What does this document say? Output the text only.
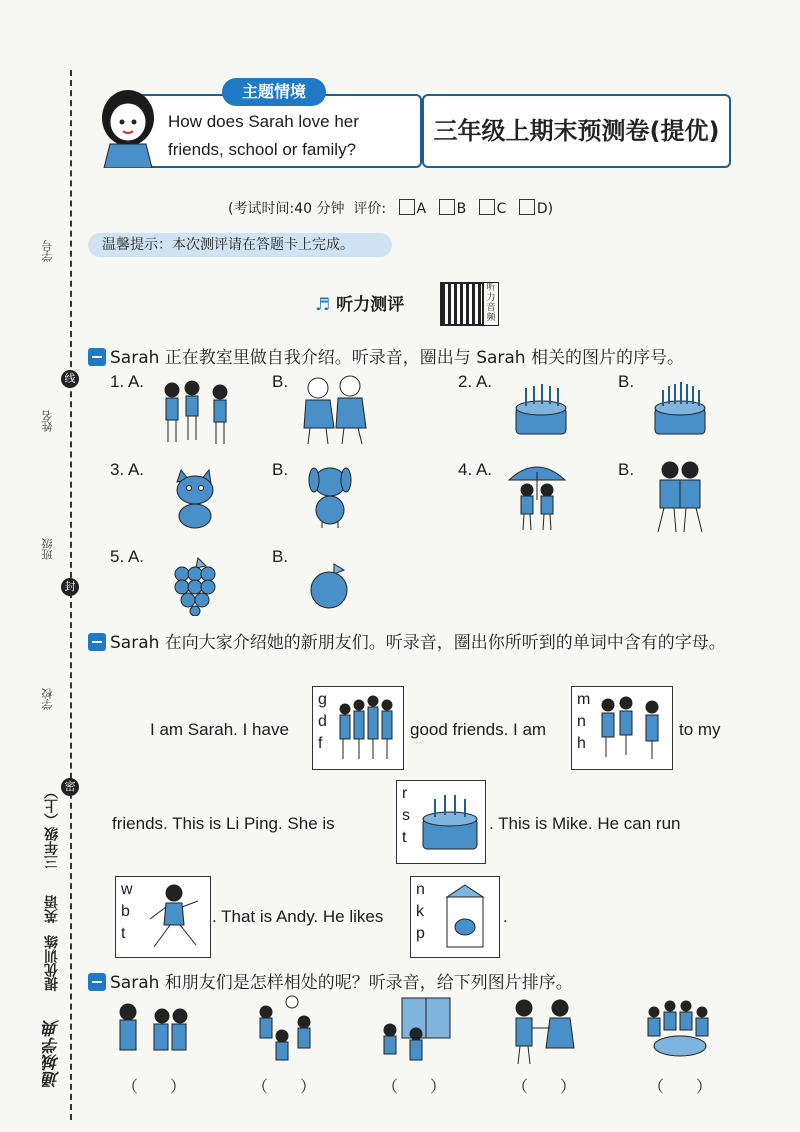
学号
姓名
班级
学校
线
封
密
三年级（上）
英语
提优训练
通城学典
主题情境
How does Sarah love her friends, school or family?
三年级上期末预测卷(提优)
(考试时间:40 分钟 评价: A B C D)
温馨提示：本次测评请在答题卡上完成。
♬ 听力测评
听力音频
Sarah 正在教室里做自我介绍。听录音，圈出与 Sarah 相关的图片的序号。
1. A.	B.	2. A.	B.
3. A.	B.	4. A.	B.
5. A.	B.
Sarah 在向大家介绍她的新朋友们。听录音，圈出你所听到的单词中含有的字母。
I am Sarah. I have
g
d
f
good friends. I am
m
n
h
to my
friends. This is Li Ping. She is
r
s
t
. This is Mike. He can run
w
b
t
. That is Andy. He likes
n
k
p
.
Sarah 和朋友们是怎样相处的呢？听录音，给下列图片排序。
（　　）	（　　）	（　　）	（　　）	（　　）
